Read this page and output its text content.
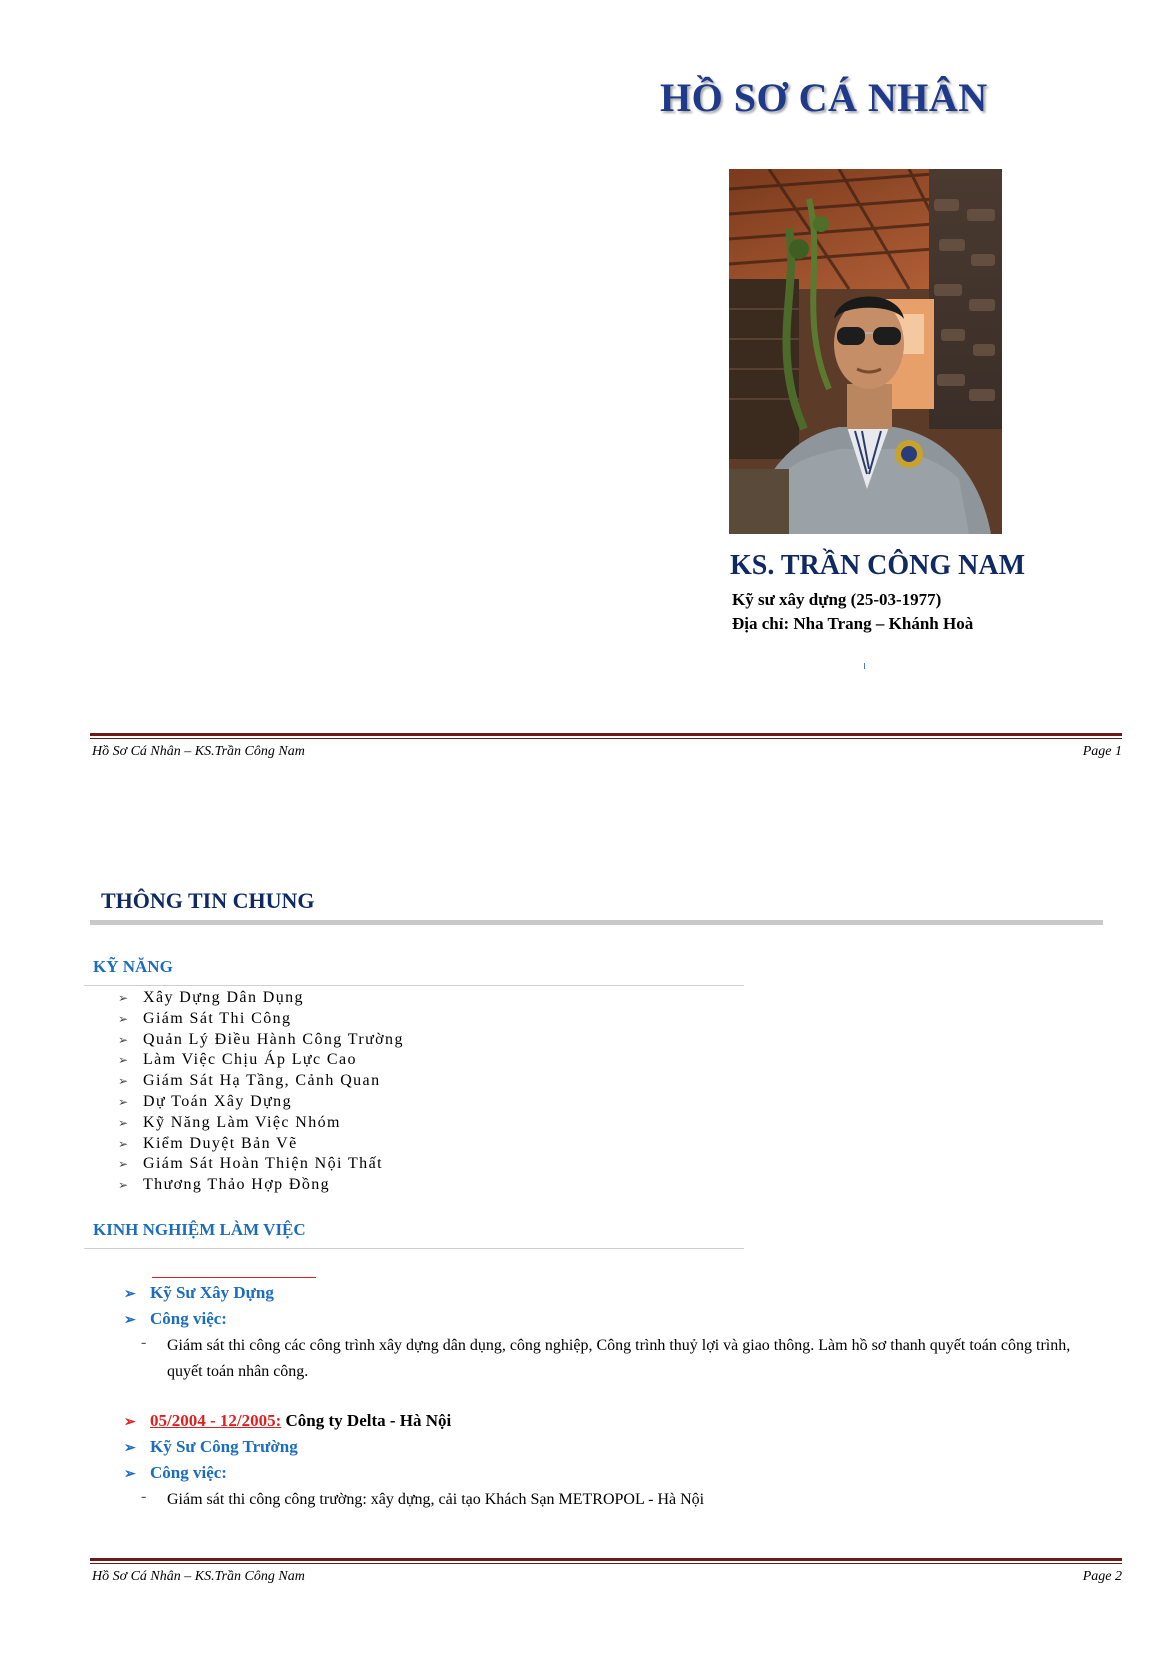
HỒ SƠ CÁ NHÂN
KS. TRẦN CÔNG NAM
Kỹ sư xây dựng (25-03-1977)
Địa chỉ: Nha Trang – Khánh Hoà
Hồ Sơ Cá Nhân – KS.Trần Công Nam	Page 1
THÔNG TIN CHUNG
KỸ NĂNG
➢ Xây Dựng Dân Dụng
➢ Giám Sát Thi Công
➢ Quản Lý Điều Hành Công Trường
➢ Làm Việc Chịu Áp Lực Cao
➢ Giám Sát Hạ Tầng, Cảnh Quan
➢ Dự Toán Xây Dựng
➢ Kỹ Năng Làm Việc Nhóm
➢ Kiểm Duyệt Bản Vẽ
➢ Giám Sát Hoàn Thiện Nội Thất
➢ Thương Thảo Hợp Đồng
KINH NGHIỆM LÀM VIỆC
➢ Kỹ Sư Xây Dựng
➢ Công việc:
- Giám sát thi công các công trình xây dựng dân dụng, công nghiệp, Công trình thuỷ lợi và giao thông. Làm hồ sơ thanh quyết toán công trình, quyết toán nhân công.
➢ 05/2004 - 12/2005: Công ty Delta - Hà Nội
➢ Kỹ Sư Công Trường
➢ Công việc:
- Giám sát thi công công trường: xây dựng, cải tạo Khách Sạn METROPOL - Hà Nội
Hồ Sơ Cá Nhân – KS.Trần Công Nam	Page 2
